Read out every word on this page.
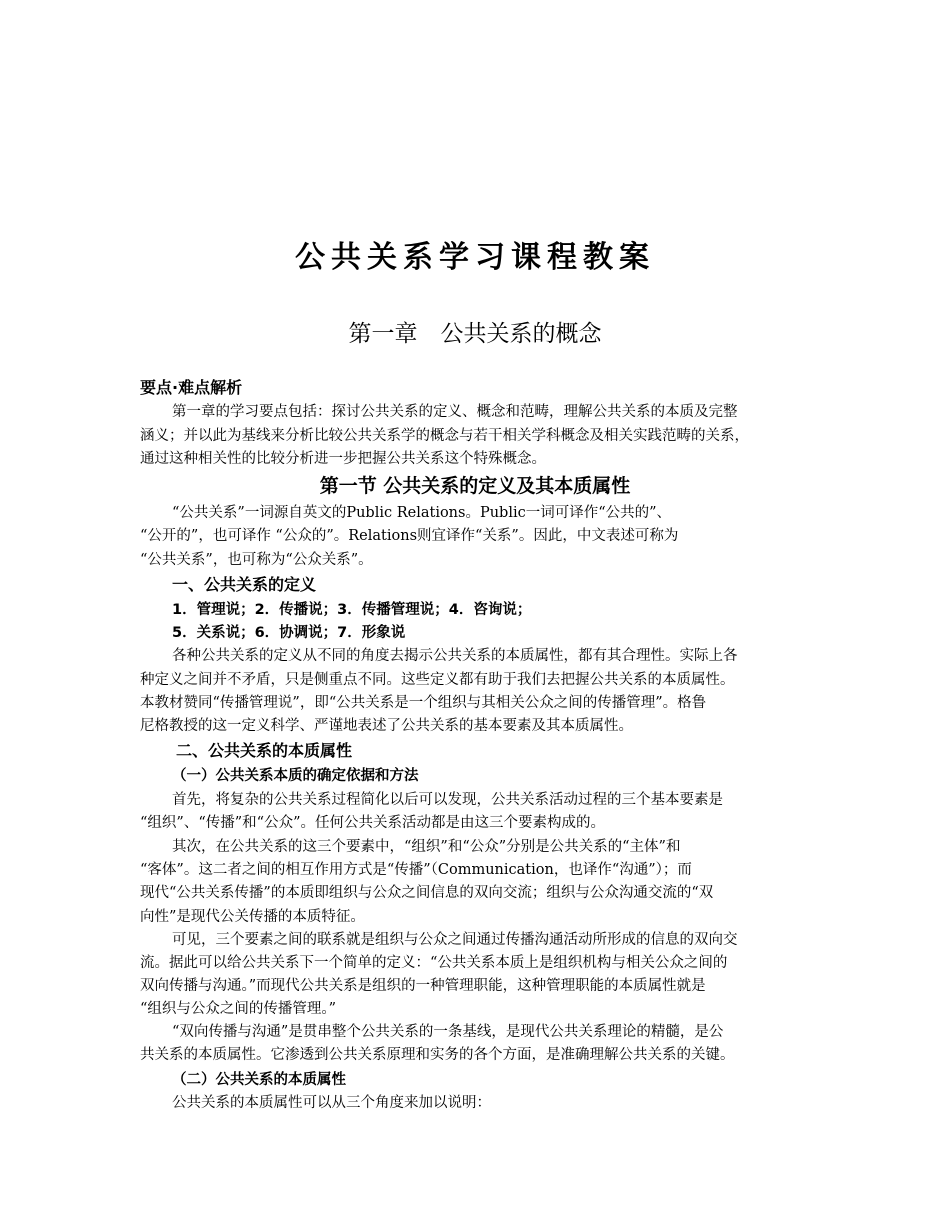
公共关系学习课程教案
第一章　公共关系的概念
要点·难点解析
第一章的学习要点包括：探讨公共关系的定义、概念和范畴，理解公共关系的本质及完整
涵义；并以此为基线来分析比较公共关系学的概念与若干相关学科概念及相关实践范畴的关系，
通过这种相关性的比较分析进一步把握公共关系这个特殊概念。
第一节 公共关系的定义及其本质属性
“公共关系”一词源自英文的Public Relations。Public一词可译作“公共的”、
“公开的”，也可译作 “公众的”。Relations则宜译作“关系”。因此，中文表述可称为
“公共关系”，也可称为“公众关系”。
一、公共关系的定义
1．管理说；2．传播说；3．传播管理说；4．咨询说；
5．关系说；6．协调说；7．形象说
各种公共关系的定义从不同的角度去揭示公共关系的本质属性，都有其合理性。实际上各
种定义之间并不矛盾，只是侧重点不同。这些定义都有助于我们去把握公共关系的本质属性。
本教材赞同“传播管理说”，即“公共关系是一个组织与其相关公众之间的传播管理”。格鲁
尼格教授的这一定义科学、严谨地表述了公共关系的基本要素及其本质属性。
二、公共关系的本质属性
（一）公共关系本质的确定依据和方法
首先，将复杂的公共关系过程简化以后可以发现，公共关系活动过程的三个基本要素是
“组织”、“传播”和“公众”。任何公共关系活动都是由这三个要素构成的。
其次，在公共关系的这三个要素中，“组织”和“公众”分别是公共关系的“主体”和
“客体”。这二者之间的相互作用方式是“传播”（Communication，也译作“沟通”）；而
现代“公共关系传播”的本质即组织与公众之间信息的双向交流；组织与公众沟通交流的“双
向性”是现代公关传播的本质特征。
可见，三个要素之间的联系就是组织与公众之间通过传播沟通活动所形成的信息的双向交
流。据此可以给公共关系下一个简单的定义：“公共关系本质上是组织机构与相关公众之间的
双向传播与沟通。”而现代公共关系是组织的一种管理职能，这种管理职能的本质属性就是
“组织与公众之间的传播管理。”
“双向传播与沟通”是贯串整个公共关系的一条基线，是现代公共关系理论的精髓，是公
共关系的本质属性。它渗透到公共关系原理和实务的各个方面，是准确理解公共关系的关键。
（二）公共关系的本质属性
公共关系的本质属性可以从三个角度来加以说明：
